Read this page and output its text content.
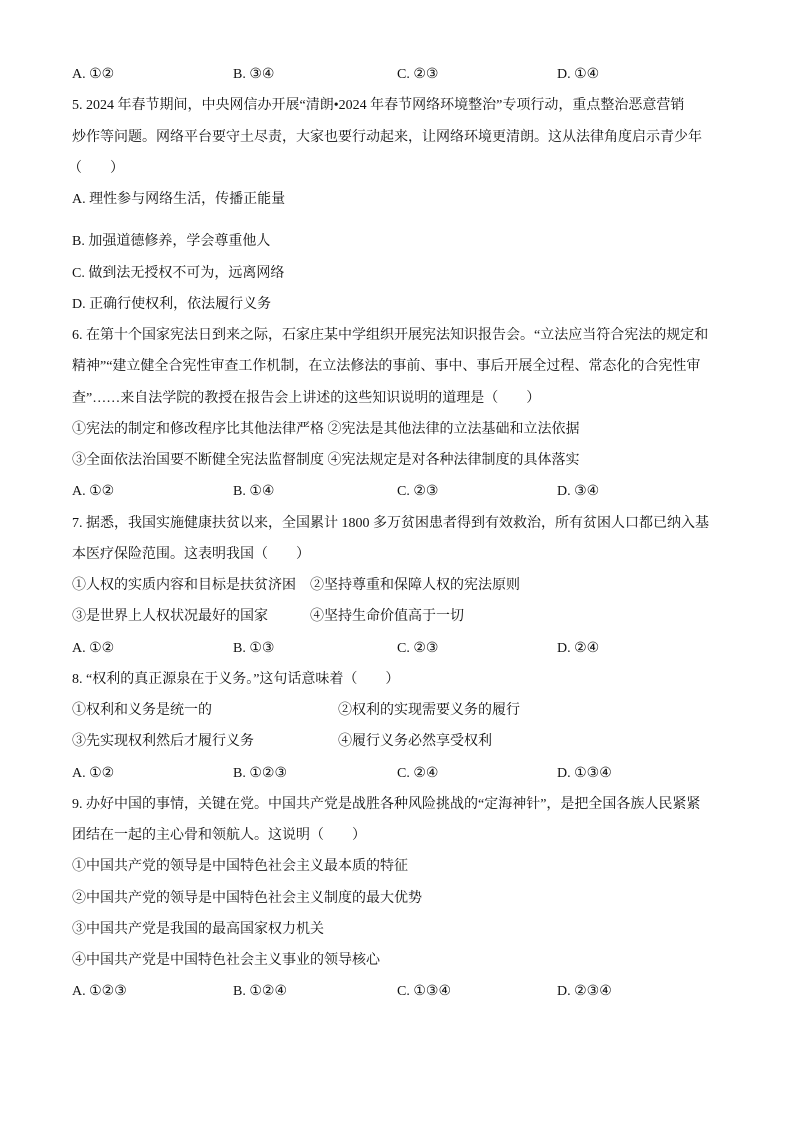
A. ①②	B. ③④	C. ②③	D. ①④
5. 2024 年春节期间，中央网信办开展“清朗•2024 年春节网络环境整治”专项行动，重点整治恶意营销
炒作等问题。网络平台要守土尽责，大家也要行动起来，让网络环境更清朗。这从法律角度启示青少年
（　　）
A. 理性参与网络生活，传播正能量
B. 加强道德修养，学会尊重他人
C. 做到法无授权不可为，远离网络
D. 正确行使权利，依法履行义务
6. 在第十个国家宪法日到来之际，石家庄某中学组织开展宪法知识报告会。“立法应当符合宪法的规定和
精神”“建立健全合宪性审查工作机制，在立法修法的事前、事中、事后开展全过程、常态化的合宪性审
查”……来自法学院的教授在报告会上讲述的这些知识说明的道理是（　　）
①宪法的制定和修改程序比其他法律严格 ②宪法是其他法律的立法基础和立法依据
③全面依法治国要不断健全宪法监督制度 ④宪法规定是对各种法律制度的具体落实
A. ①②	B. ①④	C. ②③	D. ③④
7. 据悉，我国实施健康扶贫以来，全国累计 1800 多万贫困患者得到有效救治，所有贫困人口都已纳入基
本医疗保险范围。这表明我国（　　）
①人权的实质内容和目标是扶贫济困　②坚持尊重和保障人权的宪法原则
③是世界上人权状况最好的国家　　　④坚持生命价值高于一切
A. ①②	B. ①③	C. ②③	D. ②④
8. “权利的真正源泉在于义务。”这句话意味着（　　）
①权利和义务是统一的	②权利的实现需要义务的履行
③先实现权利然后才履行义务	④履行义务必然享受权利
A. ①②	B. ①②③	C. ②④	D. ①③④
9. 办好中国的事情，关键在党。中国共产党是战胜各种风险挑战的“定海神针”，是把全国各族人民紧紧
团结在一起的主心骨和领航人。这说明（　　）
①中国共产党的领导是中国特色社会主义最本质的特征
②中国共产党的领导是中国特色社会主义制度的最大优势
③中国共产党是我国的最高国家权力机关
④中国共产党是中国特色社会主义事业的领导核心
A. ①②③	B. ①②④	C. ①③④	D. ②③④
